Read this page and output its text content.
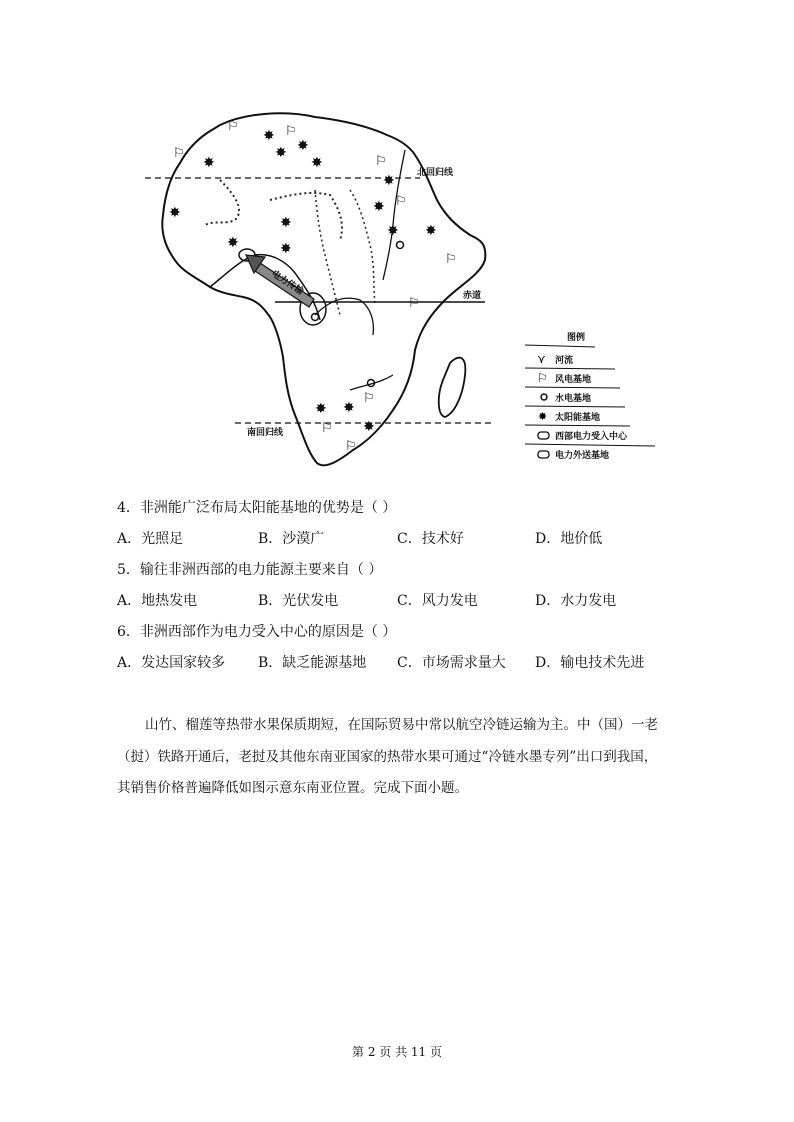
北回归线
赤道
南回归线
✸
✸
✸
✸
✸
✸
✸
✸
✸
✸
✸
✸
✸
✸ ✸
✸
⚐	⚐
⚐
⚐
⚐
⚐
⚐
⚐
⚐
⚐
电力传输
图例
⋎ 河流
⚐ 风电基地
水电基地
✸ 太阳能基地
西部电力受入中心
电力外送基地
4．非洲能广泛布局太阳能基地的优势是（ ）
A．光照足	B．沙漠广	C．技术好	D．地价低
5．输往非洲西部的电力能源主要来自（ ）
A．地热发电	B．光伏发电	C．风力发电	D．水力发电
6．非洲西部作为电力受入中心的原因是（ ）
A．发达国家较多 B．缺乏能源基地 C．市场需求量大 D．输电技术先进
山竹、榴莲等热带水果保质期短，在国际贸易中常以航空冷链运输为主。中（国）一老
（挝）铁路开通后，老挝及其他东南亚国家的热带水果可通过“冷链水墨专列”出口到我国，
其销售价格普遍降低如图示意东南亚位置。完成下面小题。
第 2 页 共 11 页
